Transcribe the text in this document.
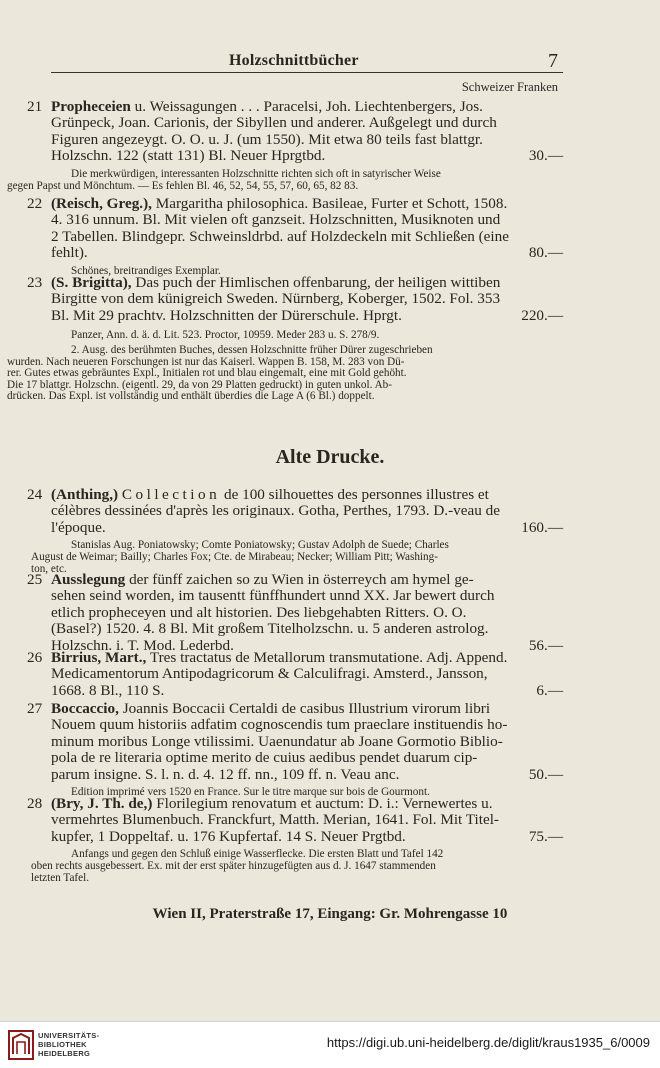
Holzschnittbücher	7
Schweizer Franken
21 Propheceien u. Weissagungen . . . Paracelsi, Joh. Liechtenbergers, Jos.
Grünpeck, Joan. Carionis, der Sibyllen und anderer. Außgelegt und durch
Figuren angezeygt. O. O. u. J. (um 1550). Mit etwa 80 teils fast blattgr.
Holzschn. 122 (statt 131) Bl. Neuer Hprgtbd.	30.—
Die merkwürdigen, interessanten Holzschnitte richten sich oft in satyrischer Weise
gegen Papst und Mönchtum. — Es fehlen Bl. 46, 52, 54, 55, 57, 60, 65, 82 83.
22 (Reisch, Greg.), Margaritha philosophica. Basileae, Furter et Schott, 1508.
4. 316 unnum. Bl. Mit vielen oft ganzseit. Holzschnitten, Musiknoten und
2 Tabellen. Blindgepr. Schweinsldrbd. auf Holzdeckeln mit Schließen (eine
fehlt).	80.—
Schönes, breitrandiges Exemplar.
23 (S. Brigitta), Das puch der Himlischen offenbarung, der heiligen wittiben
Birgitte von dem künigreich Sweden. Nürnberg, Koberger, 1502. Fol. 353
Bl. Mit 29 prachtv. Holzschnitten der Dürerschule. Hprgt.	220.—
Panzer, Ann. d. ä. d. Lit. 523. Proctor, 10959. Meder 283 u. S. 278/9.
2. Ausg. des berühmten Buches, dessen Holzschnitte früher Dürer zugeschrieben
wurden. Nach neueren Forschungen ist nur das Kaiserl. Wappen B. 158, M. 283 von Dü-
rer. Gutes etwas gebräuntes Expl., Initialen rot und blau eingemalt, eine mit Gold gehöht.
Die 17 blattgr. Holzschn. (eigentl. 29, da von 29 Platten gedruckt) in guten unkol. Ab-
drücken. Das Expl. ist vollständig und enthält überdies die Lage A (6 Bl.) doppelt.
Alte Drucke.
24 (Anthing,) Collection de 100 silhouettes des personnes illustres et
célèbres dessinées d'après les originaux. Gotha, Perthes, 1793. D.-veau de
l'époque.	160.—
Stanislas Aug. Poniatowsky; Comte Poniatowsky; Gustav Adolph de Suede; Charles
August de Weimar; Bailly; Charles Fox; Cte. de Mirabeau; Necker; William Pitt; Washing-
ton, etc.
25 Ausslegung der fünff zaichen so zu Wien in österreych am hymel ge-
sehen seind worden, im tausentt fünffhundert unnd XX. Jar bewert durch
etlich propheceyen und alt historien. Des liebgehabten Ritters. O. O.
(Basel?) 1520. 4. 8 Bl. Mit großem Titelholzschn. u. 5 anderen astrolog.
Holzschn. i. T. Mod. Lederbd.	56.—
26 Birrius, Mart., Tres tractatus de Metallorum transmutatione. Adj. Append.
Medicamentorum Antipodagricorum & Calculifragi. Amsterd., Jansson,
1668. 8 Bl., 110 S.	6.—
27 Boccaccio, Joannis Boccacii Certaldi de casibus Illustrium virorum libri
Nouem quum historiis adfatim cognoscendis tum praeclare instituendis ho-
minum moribus Longe vtilissimi. Uaenundatur ab Joane Gormotio Biblio-
pola de re literaria optime merito de cuius aedibus pendet duarum cip-
parum insigne. S. l. n. d. 4. 12 ff. nn., 109 ff. n. Veau anc.	50.—
Edition imprimé vers 1520 en France. Sur le titre marque sur bois de Gourmont.
28 (Bry, J. Th. de,) Florilegium renovatum et auctum: D. i.: Vernewertes u.
vermehrtes Blumenbuch. Franckfurt, Matth. Merian, 1641. Fol. Mit Titel-
kupfer, 1 Doppeltaf. u. 176 Kupfertaf. 14 S. Neuer Prgtbd.	75.—
Anfangs und gegen den Schluß einige Wasserflecke. Die ersten Blatt und Tafel 142
oben rechts ausgebessert. Ex. mit der erst später hinzugefügten aus d. J. 1647 stammenden
letzten Tafel.
Wien II, Praterstraße 17, Eingang: Gr. Mohrengasse 10
UNIVERSITÄTS-
BIBLIOTHEK
HEIDELBERG
https://digi.ub.uni-heidelberg.de/diglit/kraus1935_6/0009
